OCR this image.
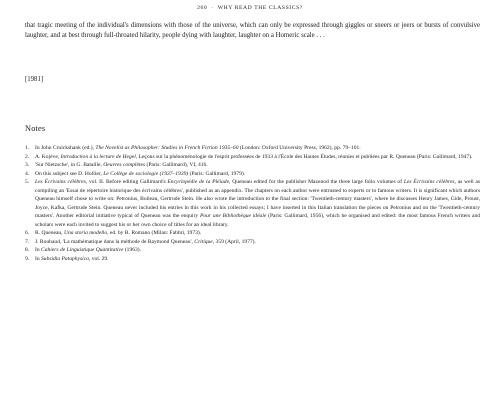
260 · WHY READ THE CLASSICS?

that tragic meeting of the individual's dimensions with those of the universe, which can only be expressed through giggles or sneers or jeers or bursts of convulsive laughter, and at best through full-throated hilarity, people dying with laughter, laughter on a Homeric scale . . .

[1981]
Notes
1. In John Cruickshank (ed.), The Novelist as Philosopher: Studies in French Fiction 1935–60 (London: Oxford University Press, 1962), pp. 79–101.
2. A. Kojève, Introduction à la lecture de Hegel, Leçons sur la phénoménologie de l'esprit professées de 1933 à l'École des Hautes Études, réunies et publiées par R. Queneau (Paris: Gallimard, 1947).
3. 'Sur Nietzsche', in G. Bataille, Oeuvres complètes (Paris: Gallimard), VI, 416.
4. On this subject see D. Hollier, Le Collège de sociologie (1937–1939) (Paris: Gallimard, 1979).
5. Les Écrivains célèbres, vol. II. Before editing Gallimard's Encyclopédie de la Pléiade, Queneau edited for the publisher Mazenod the three large folio volumes of Les Écrivains célèbres, as well as compiling an 'Essai de répertoire historique des écrivains célèbres', published as an appendix. The chapters on each author were entrusted to experts or to famous writers. It is significant which authors Queneau himself chose to write on: Petronius, Boileau, Gertrude Stein. He also wrote the introduction to the final section: 'Twentieth-century masters', where he discusses Henry James, Gide, Proust, Joyce, Kafka, Gertrude Stein. Queneau never included his entries in this work in his collected essays; I have inserted in this Italian translation the pieces on Petronius and on the 'Twentieth-century masters'. Another editorial initiative typical of Queneau was the enquiry Pour une Bibliothèque idéale (Paris: Gallimard, 1956), which he organised and edited: the most famous French writers and scholars were each invited to suggest his or her own choice of titles for an ideal library.
6. R. Queneau, Una storia modello, ed. by R. Romano (Milan: Fabbri, 1973).
7. J. Roubaud, 'La mathématique dans la méthode de Raymond Queneau', Critique, 359 (April, 1977).
8. In Cahiers de Linguistique Quantitative (1963).
9. In Subsidia Pataphysica, vol. 29.
